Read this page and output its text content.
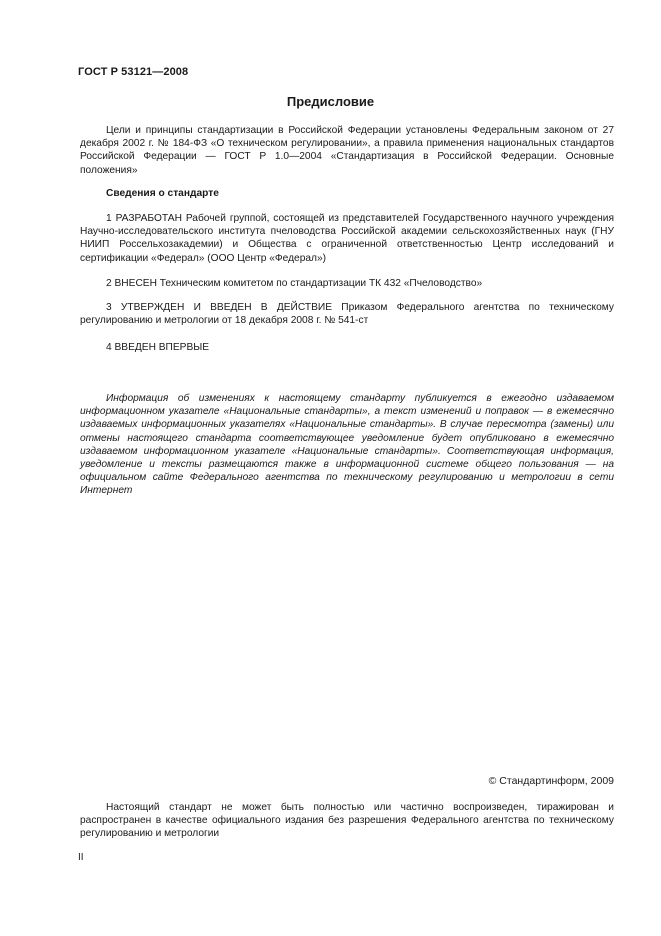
ГОСТ Р 53121—2008
Предисловие

Цели и принципы стандартизации в Российской Федерации установлены Федеральным законом от 27 декабря 2002 г. № 184-ФЗ «О техническом регулировании», а правила применения национальных стандартов Российской Федерации — ГОСТ Р 1.0—2004 «Стандартизация в Российской Федерации. Основные положения»

Сведения о стандарте

1 РАЗРАБОТАН Рабочей группой, состоящей из представителей Государственного научного учреждения Научно-исследовательского института пчеловодства Российской академии сельскохозяйственных наук (ГНУ НИИП Россельхозакадемии) и Общества с ограниченной ответственностью Центр исследований и сертификации «Федерал» (ООО Центр «Федерал»)

2 ВНЕСЕН Техническим комитетом по стандартизации ТК 432 «Пчеловодство»

3 УТВЕРЖДЕН И ВВЕДЕН В ДЕЙСТВИЕ Приказом Федерального агентства по техническому регулированию и метрологии от 18 декабря 2008 г. № 541-ст

4 ВВЕДЕН ВПЕРВЫЕ

Информация об изменениях к настоящему стандарту публикуется в ежегодно издаваемом информационном указателе «Национальные стандарты», а текст изменений и поправок — в ежемесячно издаваемых информационных указателях «Национальные стандарты». В случае пересмотра (замены) или отмены настоящего стандарта соответствующее уведомление будет опубликовано в ежемесячно издаваемом информационном указателе «Национальные стандарты». Соответствующая информация, уведомление и тексты размещаются также в информационной системе общего пользования — на официальном сайте Федерального агентства по техническому регулированию и метрологии в сети Интернет

© Стандартинформ, 2009

Настоящий стандарт не может быть полностью или частично воспроизведен, тиражирован и распространен в качестве официального издания без разрешения Федерального агентства по техническому регулированию и метрологии

II
